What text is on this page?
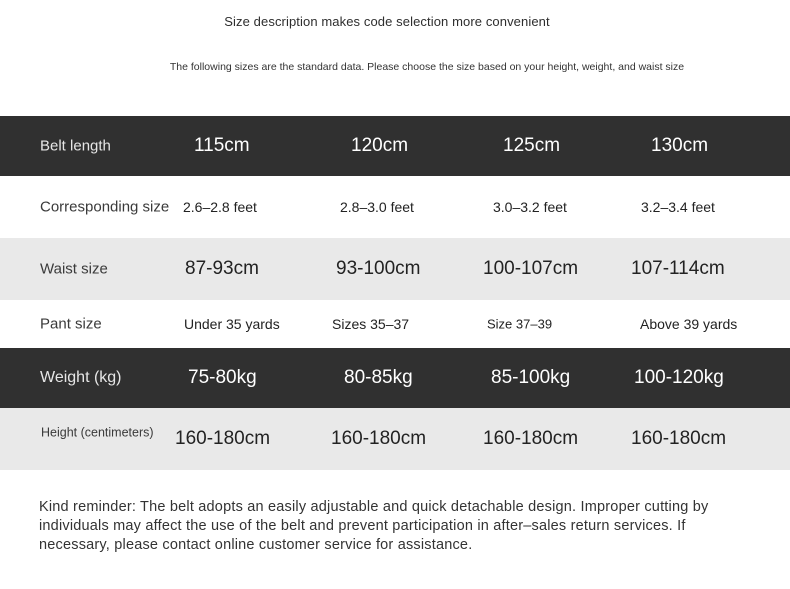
Size description makes code selection more convenient
The following sizes are the standard data. Please choose the size based on your height, weight, and waist size
Belt length	115cm	120cm	125cm	130cm
Corresponding size 2.6–2.8 feet	2.8–3.0 feet	3.0–3.2 feet	3.2–3.4 feet
Waist size	87-93cm	93-100cm	100-107cm	107-114cm
Pant size	Under 35 yards	Sizes 35–37	Size 37–39	Above 39 yards
Weight (kg)	75-80kg	80-85kg	85-100kg	100-120kg
Height (centimeters) 160-180cm	160-180cm	160-180cm	160-180cm
Kind reminder: The belt adopts an easily adjustable and quick detachable design. Improper cutting by individuals may affect the use of the belt and prevent participation in after–sales return services. If necessary, please contact online customer service for assistance.
